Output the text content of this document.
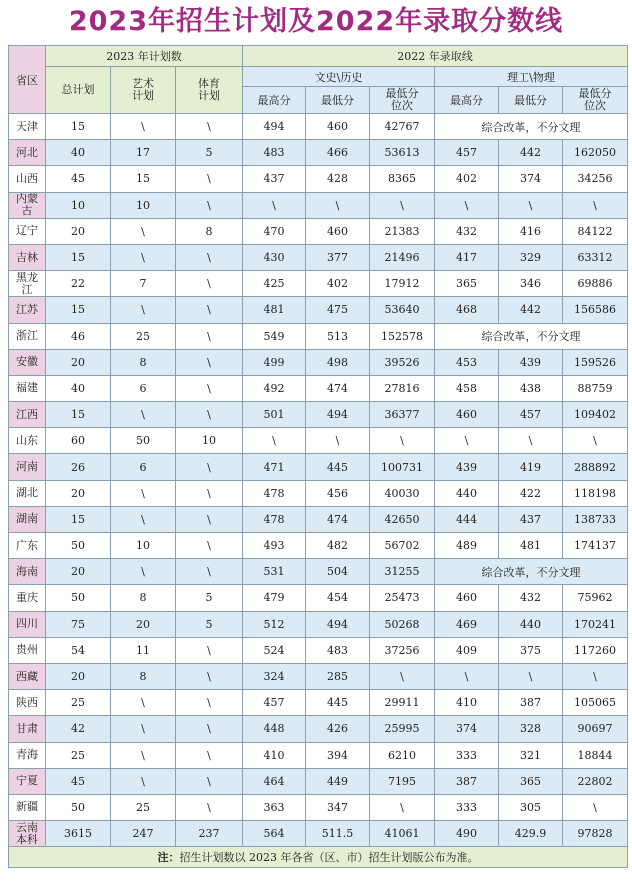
2023年招生计划及2022年录取分数线
省区	2023 年计划数			2022 年录取线					
	总计划	艺术计划	体育计划	文史\历史			理工\物理		
				最高分	最低分	最低分位次	最高分	最低分	最低分位次
天津	15	\	\	494	460	42767	综合改革，不分文理		
河北	40	17	5	483	466	53613	457	442	162050
山西	45	15	\	437	428	8365	402	374	34256
内蒙古	10	10	\	\	\	\	\	\	\
辽宁	20	\	8	470	460	21383	432	416	84122
吉林	15	\	\	430	377	21496	417	329	63312
黑龙江	22	7	\	425	402	17912	365	346	69886
江苏	15	\	\	481	475	53640	468	442	156586
浙江	46	25	\	549	513	152578	综合改革，不分文理		
安徽	20	8	\	499	498	39526	453	439	159526
福建	40	6	\	492	474	27816	458	438	88759
江西	15	\	\	501	494	36377	460	457	109402
山东	60	50	10	\	\	\	\	\	\
河南	26	6	\	471	445	100731	439	419	288892
湖北	20	\	\	478	456	40030	440	422	118198
湖南	15	\	\	478	474	42650	444	437	138733
广东	50	10	\	493	482	56702	489	481	174137
海南	20	\	\	531	504	31255	综合改革，不分文理		
重庆	50	8	5	479	454	25473	460	432	75962
四川	75	20	5	512	494	50268	469	440	170241
贵州	54	11	\	524	483	37256	409	375	117260
西藏	20	8	\	324	285	\	\	\	\
陕西	25	\	\	457	445	29911	410	387	105065
甘肃	42	\	\	448	426	25995	374	328	90697
青海	25	\	\	410	394	6210	333	321	18844
宁夏	45	\	\	464	449	7195	387	365	22802
新疆	50	25	\	363	347	\	333	305	\
云南本科	3615	247	237	564	511.5	41061	490	429.9	97828
注：招生计划数以 2023 年各省（区、市）招生计划版公布为准。									
